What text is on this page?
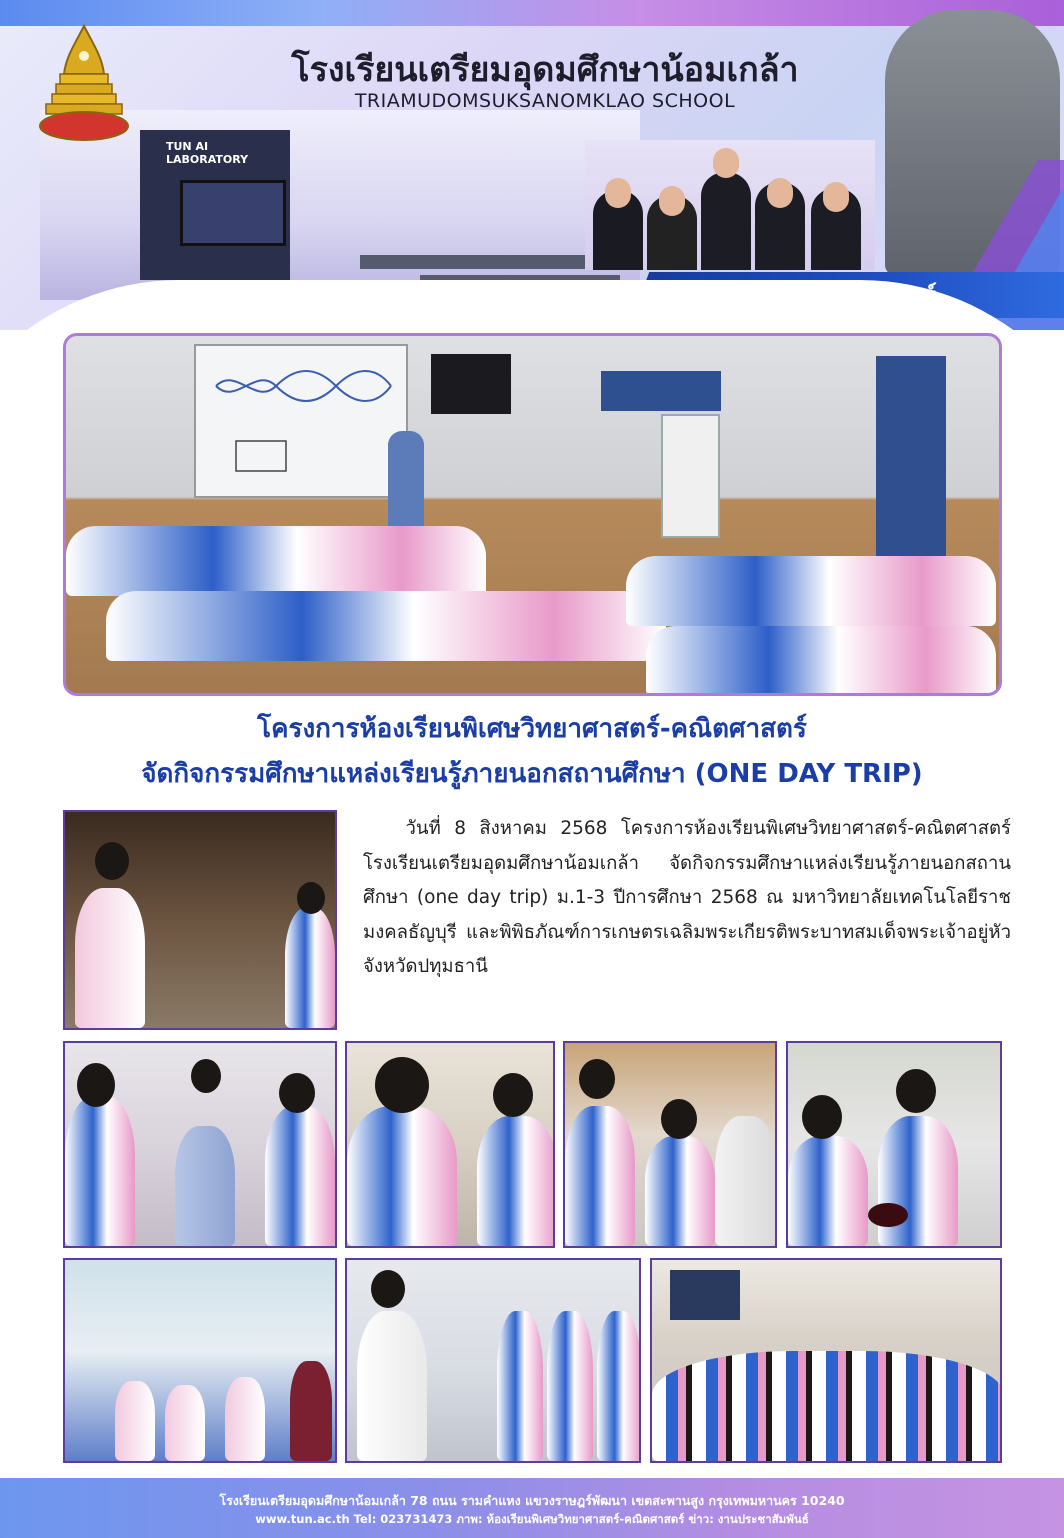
TUN AI LABORATORY
โรงเรียนเตรียมอุดมศึกษาน้อมเกล้า
TRIAMUDOMSUKSANOMKLAO SCHOOL
โครงการห้องเรียนพิเศษวิทยาศาสตร์-คณิตศาสตร์
จัดกิจกรรมศึกษาแหล่งเรียนรู้ภายนอกสถานศึกษา (ONE DAY TRIP)
วันที่ 8 สิงหาคม 2568 โครงการห้องเรียนพิเศษวิทยาศาสตร์-คณิตศาสตร์ โรงเรียนเตรียมอุดมศึกษาน้อมเกล้า จัดกิจกรรมศึกษาแหล่งเรียนรู้ภายนอกสถานศึกษา (one day trip) ม.1-3 ปีการศึกษา 2568 ณ มหาวิทยาลัยเทคโนโลยีราชมงคลธัญบุรี และพิพิธภัณฑ์การเกษตรเฉลิมพระเกียรติพระบาทสมเด็จพระเจ้าอยู่หัว จังหวัดปทุมธานี
โรงเรียนเตรียมอุดมศึกษาน้อมเกล้า 78 ถนน รามคำแหง แขวงราษฎร์พัฒนา เขตสะพานสูง กรุงเทพมหานคร 10240
www.tun.ac.th Tel: 023731473 ภาพ: ห้องเรียนพิเศษวิทยาศาสตร์-คณิตศาสตร์ ข่าว: งานประชาสัมพันธ์
